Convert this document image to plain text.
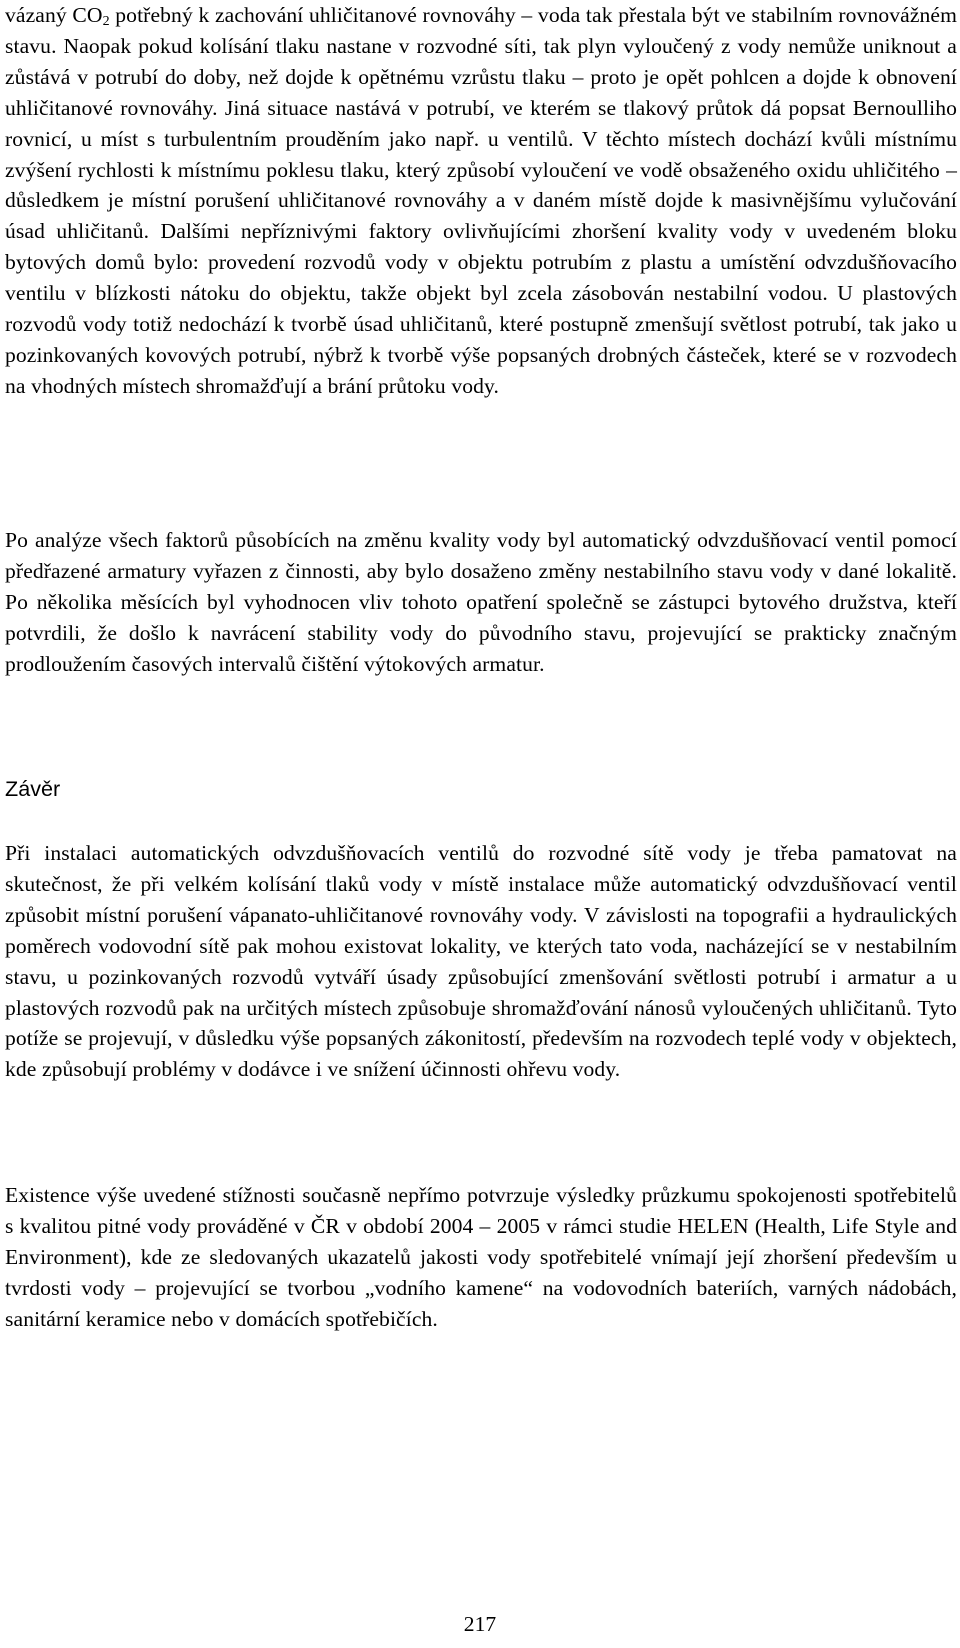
vázaný $CO_2$ potřebný k zachování uhličitanové rovnováhy – voda tak přestala být ve stabilním rovnovážném stavu. Naopak pokud kolísání tlaku nastane v rozvodné síti, tak plyn vyloučený z vody nemůže uniknout a zůstává v potrubí do doby, než dojde k opětnému vzrůstu tlaku – proto je opět pohlcen a dojde k obnovení uhličitanové rovnováhy. Jiná situace nastává v potrubí, ve kterém se tlakový průtok dá popsat Bernoulliho rovnicí, u míst s turbulentním prouděním jako např. u ventilů. V těchto místech dochází kvůli místnímu zvýšení rychlosti k místnímu poklesu tlaku, který způsobí vyloučení ve vodě obsaženého oxidu uhličitého – důsledkem je místní porušení uhličitanové rovnováhy a v daném místě dojde k masivnějšímu vylučování úsad uhličitanů. Dalšími nepříznivými faktory ovlivňujícími zhoršení kvality vody v uvedeném bloku bytových domů bylo: provedení rozvodů vody v objektu potrubím z plastu a umístění odvzdušňovacího ventilu v blízkosti nátoku do objektu, takže objekt byl zcela zásobován nestabilní vodou. U plastových rozvodů vody totiž nedochází k tvorbě úsad uhličitanů, které postupně zmenšují světlost potrubí, tak jako u pozinkovaných kovových potrubí, nýbrž k tvorbě výše popsaných drobných částeček, které se v rozvodech na vhodných místech shromažďují a brání průtoku vody.

Po analýze všech faktorů působících na změnu kvality vody byl automatický odvzdušňovací ventil pomocí předřazené armatury vyřazen z činnosti, aby bylo dosaženo změny nestabilního stavu vody v dané lokalitě. Po několika měsících byl vyhodnocen vliv tohoto opatření společně se zástupci bytového družstva, kteří potvrdili, že došlo k navrácení stability vody do původního stavu, projevující se prakticky značným prodloužením časových intervalů čištění výtokových armatur.

Závěr

Při instalaci automatických odvzdušňovacích ventilů do rozvodné sítě vody je třeba pamatovat na skutečnost, že při velkém kolísání tlaků vody v místě instalace může automatický odvzdušňovací ventil způsobit místní porušení vápanato-uhličitanové rovnováhy vody. V závislosti na topografii a hydraulických poměrech vodovodní sítě pak mohou existovat lokality, ve kterých tato voda, nacházející se v nestabilním stavu, u pozinkovaných rozvodů vytváří úsady způsobující zmenšování světlosti potrubí i armatur a u plastových rozvodů pak na určitých místech způsobuje shromažďování nánosů vyloučených uhličitanů. Tyto potíže se projevují, v důsledku výše popsaných zákonitostí, především na rozvodech teplé vody v objektech, kde způsobují problémy v dodávce i ve snížení účinnosti ohřevu vody.

Existence výše uvedené stížnosti současně nepřímo potvrzuje výsledky průzkumu spokojenosti spotřebitelů s kvalitou pitné vody prováděné v ČR v období 2004 – 2005 v rámci studie HELEN (Health, Life Style and Environment), kde ze sledovaných ukazatelů jakosti vody spotřebitelé vnímají její zhoršení především u tvrdosti vody – projevující se tvorbou „vodního kamene“ na vodovodních bateriích, varných nádobách, sanitární keramice nebo v domácích spotřebičích.

217
